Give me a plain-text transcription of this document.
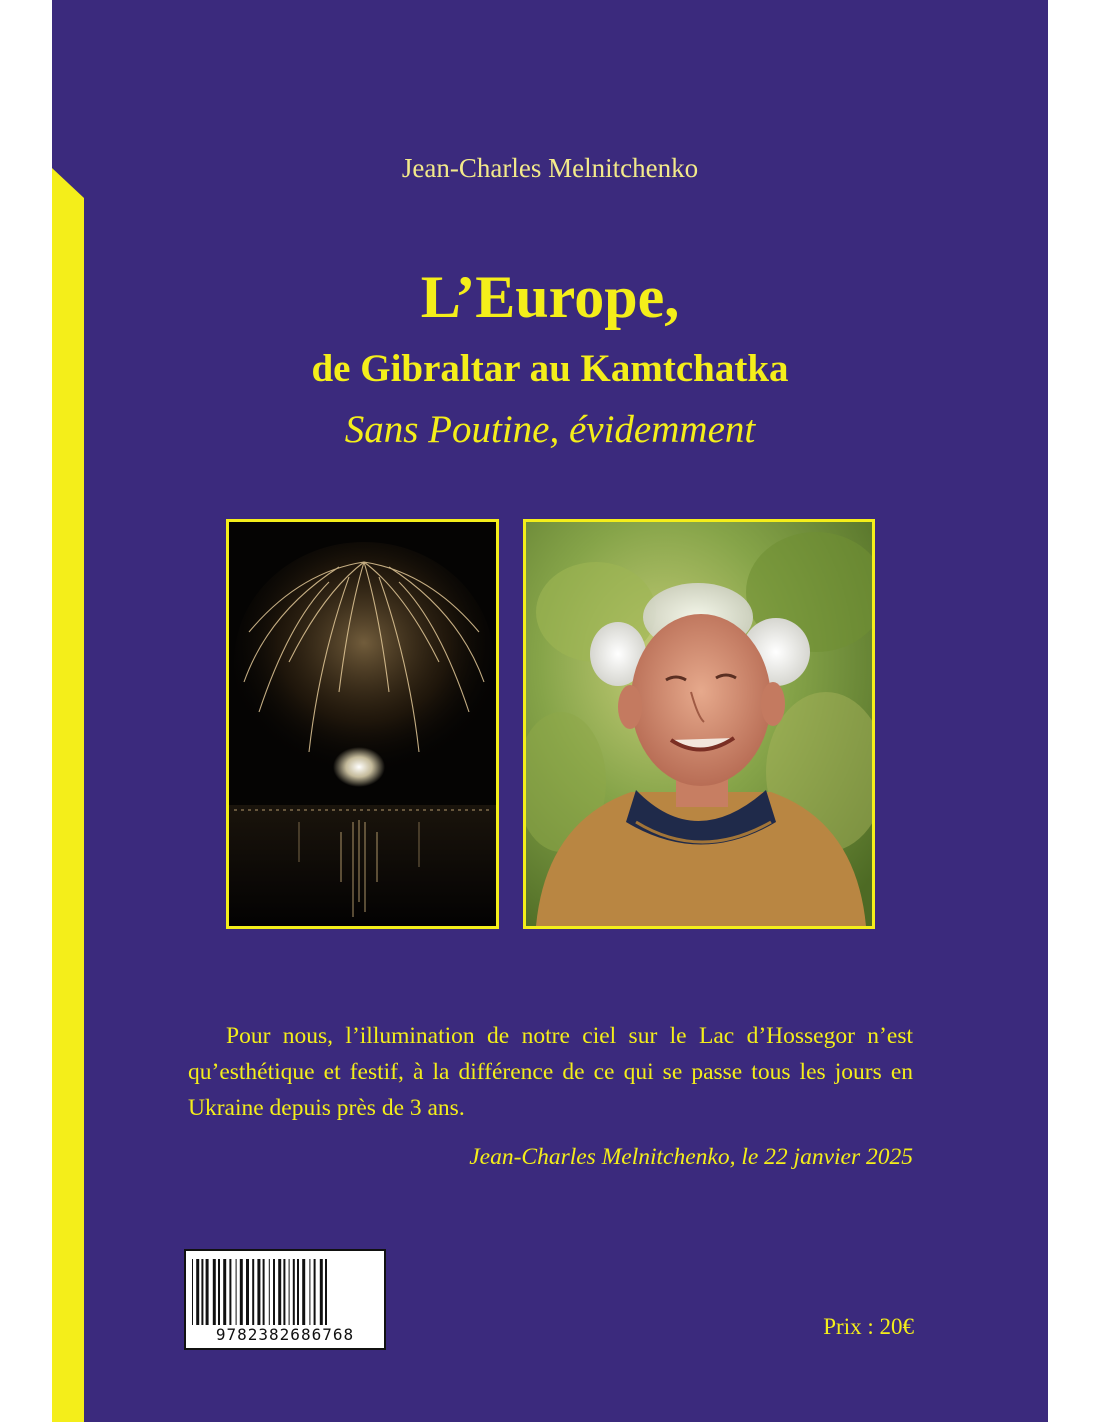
Jean-Charles Melnitchenko
L’Europe,
de Gibraltar au Kamtchatka
Sans Poutine, évidemment
Pour nous, l’illumination de notre ciel sur le Lac d’Hossegor n’est qu’esthétique et festif, à la différence de ce qui se passe tous les jours en Ukraine depuis près de 3 ans.
Jean-Charles Melnitchenko, le 22 janvier 2025
9782382686768	Prix : 20€
